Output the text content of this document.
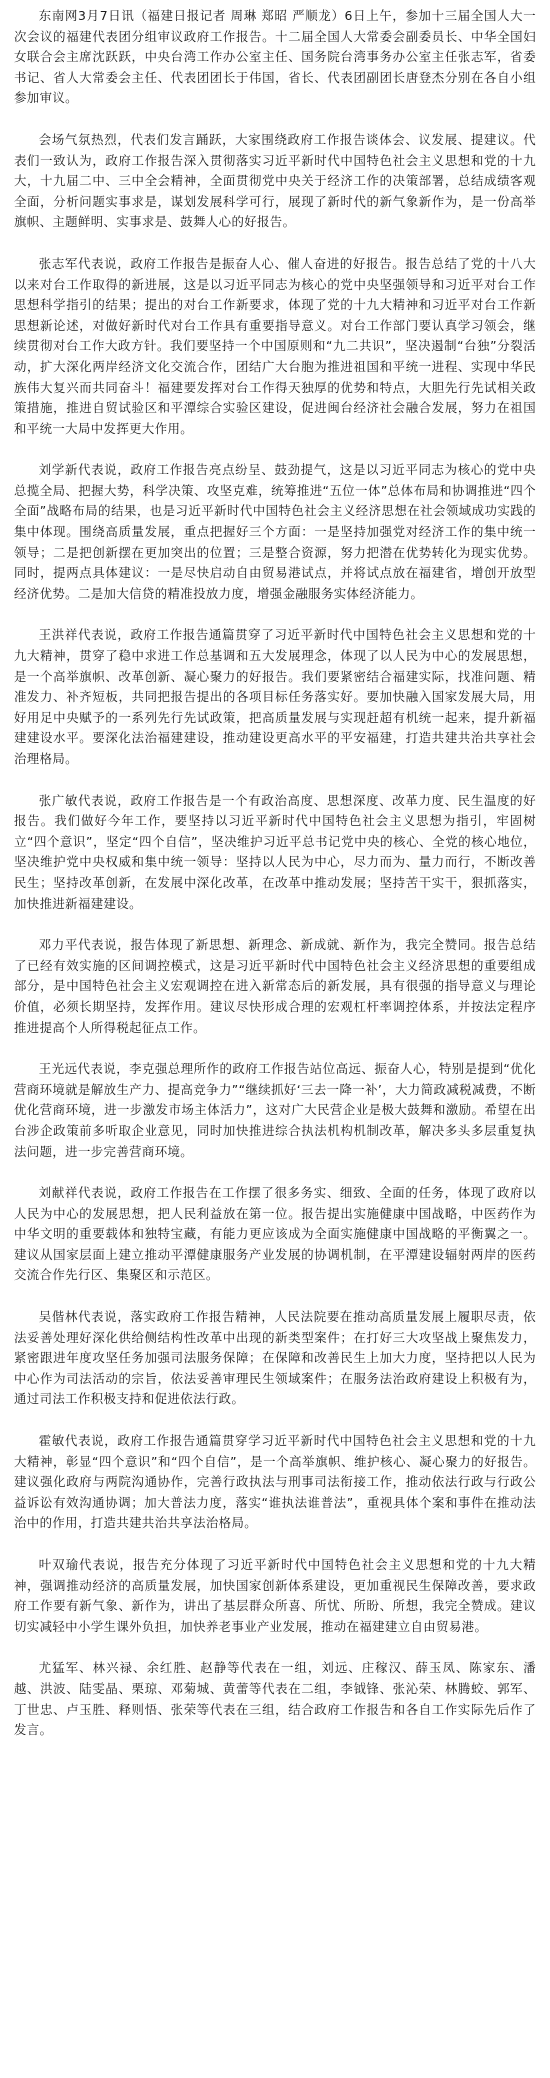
东南网3月7日讯（福建日报记者 周琳 郑昭 严顺龙）6日上午，参加十三届全国人大一次会议的福建代表团分组审议政府工作报告。十二届全国人大常委会副委员长、中华全国妇女联合会主席沈跃跃，中央台湾工作办公室主任、国务院台湾事务办公室主任张志军，省委书记、省人大常委会主任、代表团团长于伟国，省长、代表团副团长唐登杰分别在各自小组参加审议。

会场气氛热烈，代表们发言踊跃，大家围绕政府工作报告谈体会、议发展、提建议。代表们一致认为，政府工作报告深入贯彻落实习近平新时代中国特色社会主义思想和党的十九大，十九届二中、三中全会精神，全面贯彻党中央关于经济工作的决策部署，总结成绩客观全面，分析问题实事求是，谋划发展科学可行，展现了新时代的新气象新作为，是一份高举旗帜、主题鲜明、实事求是、鼓舞人心的好报告。

张志军代表说，政府工作报告是振奋人心、催人奋进的好报告。报告总结了党的十八大以来对台工作取得的新进展，这是以习近平同志为核心的党中央坚强领导和习近平对台工作思想科学指引的结果；提出的对台工作新要求，体现了党的十九大精神和习近平对台工作新思想新论述，对做好新时代对台工作具有重要指导意义。对台工作部门要认真学习领会，继续贯彻对台工作大政方针。我们要坚持一个中国原则和“九二共识”，坚决遏制“台独”分裂活动，扩大深化两岸经济文化交流合作，团结广大台胞为推进祖国和平统一进程、实现中华民族伟大复兴而共同奋斗！福建要发挥对台工作得天独厚的优势和特点，大胆先行先试相关政策措施，推进自贸试验区和平潭综合实验区建设，促进闽台经济社会融合发展，努力在祖国和平统一大局中发挥更大作用。

刘学新代表说，政府工作报告亮点纷呈、鼓劲提气，这是以习近平同志为核心的党中央总揽全局、把握大势，科学决策、攻坚克难，统筹推进“五位一体”总体布局和协调推进“四个全面”战略布局的结果，也是习近平新时代中国特色社会主义经济思想在社会领域成功实践的集中体现。围绕高质量发展，重点把握好三个方面：一是坚持加强党对经济工作的集中统一领导；二是把创新摆在更加突出的位置；三是整合资源，努力把潜在优势转化为现实优势。同时，提两点具体建议：一是尽快启动自由贸易港试点，并将试点放在福建省，增创开放型经济优势。二是加大信贷的精准投放力度，增强金融服务实体经济能力。

王洪祥代表说，政府工作报告通篇贯穿了习近平新时代中国特色社会主义思想和党的十九大精神，贯穿了稳中求进工作总基调和五大发展理念，体现了以人民为中心的发展思想，是一个高举旗帜、改革创新、凝心聚力的好报告。我们要紧密结合福建实际，找准问题、精准发力、补齐短板，共同把报告提出的各项目标任务落实好。要加快融入国家发展大局，用好用足中央赋予的一系列先行先试政策，把高质量发展与实现赶超有机统一起来，提升新福建建设水平。要深化法治福建建设，推动建设更高水平的平安福建，打造共建共治共享社会治理格局。

张广敏代表说，政府工作报告是一个有政治高度、思想深度、改革力度、民生温度的好报告。我们做好今年工作，要坚持以习近平新时代中国特色社会主义思想为指引，牢固树立“四个意识”，坚定“四个自信”，坚决维护习近平总书记党中央的核心、全党的核心地位，坚决维护党中央权威和集中统一领导：坚持以人民为中心，尽力而为、量力而行，不断改善民生；坚持改革创新，在发展中深化改革，在改革中推动发展；坚持苦干实干，狠抓落实，加快推进新福建建设。

邓力平代表说，报告体现了新思想、新理念、新成就、新作为，我完全赞同。报告总结了已经有效实施的区间调控模式，这是习近平新时代中国特色社会主义经济思想的重要组成部分，是中国特色社会主义宏观调控在进入新常态后的新发展，具有很强的指导意义与理论价值，必须长期坚持，发挥作用。建议尽快形成合理的宏观杠杆率调控体系，并按法定程序推进提高个人所得税起征点工作。

王光远代表说，李克强总理所作的政府工作报告站位高远、振奋人心，特别是提到“优化营商环境就是解放生产力、提高竞争力”“继续抓好‘三去一降一补’，大力简政减税减费，不断优化营商环境，进一步激发市场主体活力”，这对广大民营企业是极大鼓舞和激励。希望在出台涉企政策前多听取企业意见，同时加快推进综合执法机构机制改革，解决多头多层重复执法问题，进一步完善营商环境。

刘献祥代表说，政府工作报告在工作摆了很多务实、细致、全面的任务，体现了政府以人民为中心的发展思想，把人民利益放在第一位。报告提出实施健康中国战略，中医药作为中华文明的重要载体和独特宝藏，有能力更应该成为全面实施健康中国战略的平衡翼之一。建议从国家层面上建立推动平潭健康服务产业发展的协调机制，在平潭建设辐射两岸的医药交流合作先行区、集聚区和示范区。

吴偕林代表说，落实政府工作报告精神，人民法院要在推动高质量发展上履职尽责，依法妥善处理好深化供给侧结构性改革中出现的新类型案件；在打好三大攻坚战上聚焦发力，紧密跟进年度攻坚任务加强司法服务保障；在保障和改善民生上加大力度，坚持把以人民为中心作为司法活动的宗旨，依法妥善审理民生领域案件；在服务法治政府建设上积极有为，通过司法工作积极支持和促进依法行政。

霍敏代表说，政府工作报告通篇贯穿学习近平新时代中国特色社会主义思想和党的十九大精神，彰显“四个意识”和“四个自信”，是一个高举旗帜、维护核心、凝心聚力的好报告。建议强化政府与两院沟通协作，完善行政执法与刑事司法衔接工作，推动依法行政与行政公益诉讼有效沟通协调；加大普法力度，落实“谁执法谁普法”，重视具体个案和事件在推动法治中的作用，打造共建共治共享法治格局。

叶双瑜代表说，报告充分体现了习近平新时代中国特色社会主义思想和党的十九大精神，强调推动经济的高质量发展，加快国家创新体系建设，更加重视民生保障改善，要求政府工作要有新气象、新作为，讲出了基层群众所喜、所忧、所盼、所想，我完全赞成。建议切实减轻中小学生课外负担，加快养老事业产业发展，推动在福建建立自由贸易港。

尤猛军、林兴禄、余红胜、赵静等代表在一组，刘远、庄稼汉、薛玉凤、陈家东、潘越、洪波、陆雯晶、栗琼、邓菊城、黄蕾等代表在二组，李钺锋、张沁荣、林腾蛟、郭军、丁世忠、卢玉胜、释则悟、张荣等代表在三组，结合政府工作报告和各自工作实际先后作了发言。
